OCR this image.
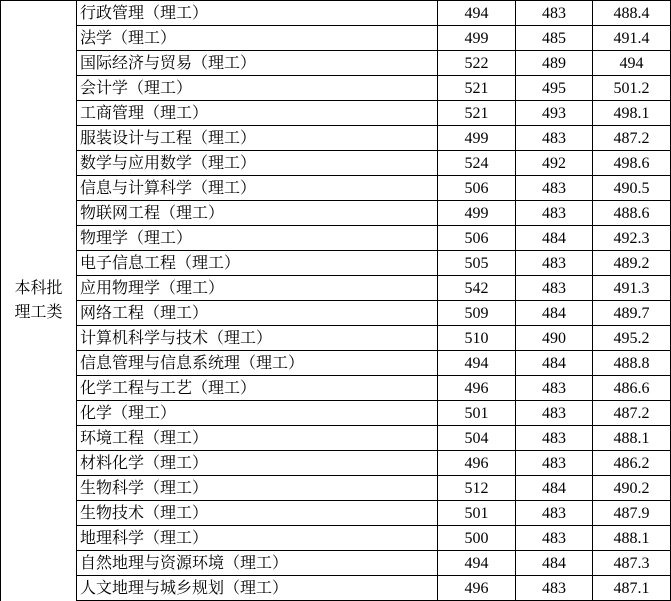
本科批
理工类	行政管理（理工）	494	483	488.4
	法学（理工）	499	485	491.4
	国际经济与贸易（理工）	522	489	494
	会计学（理工）	521	495	501.2
	工商管理（理工）	521	493	498.1
	服装设计与工程（理工）	499	483	487.2
	数学与应用数学（理工）	524	492	498.6
	信息与计算科学（理工）	506	483	490.5
	物联网工程（理工）	499	483	488.6
	物理学（理工）	506	484	492.3
	电子信息工程（理工）	505	483	489.2
	应用物理学（理工）	542	483	491.3
	网络工程（理工）	509	484	489.7
	计算机科学与技术（理工）	510	490	495.2
	信息管理与信息系统理（理工）	494	484	488.8
	化学工程与工艺（理工）	496	483	486.6
	化学（理工）	501	483	487.2
	环境工程（理工）	504	483	488.1
	材料化学（理工）	496	483	486.2
	生物科学（理工）	512	484	490.2
	生物技术（理工）	501	483	487.9
	地理科学（理工）	500	483	488.1
	自然地理与资源环境（理工）	494	484	487.3
	人文地理与城乡规划（理工）	496	483	487.1
